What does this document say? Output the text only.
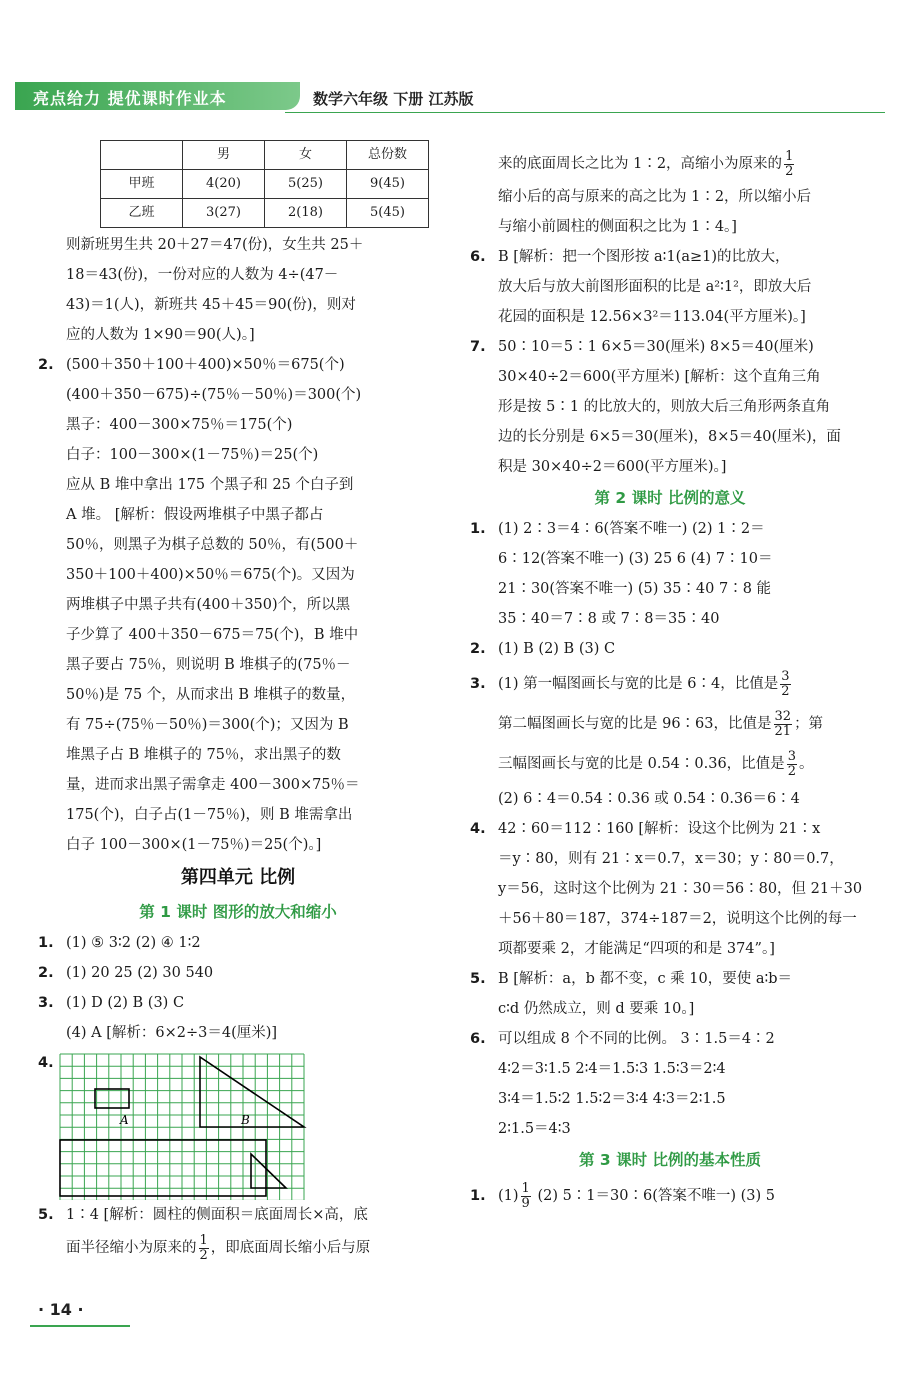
亮点给力 提优课时作业本	数学六年级 下册 江苏版
	男	女	总份数
甲班	4(20)	5(25)	9(45)
乙班	3(27)	2(18)	5(45)
则新班男生共 20＋27＝47(份)，女生共 25＋
18＝43(份)，一份对应的人数为 4÷(47－
43)＝1(人)，新班共 45＋45＝90(份)，则对
应的人数为 1×90＝90(人)。]
2. (500＋350＋100＋400)×50％＝675(个)
(400＋350－675)÷(75％－50％)＝300(个)
黑子：400－300×75％＝175(个)
白子：100－300×(1－75％)＝25(个)
应从 B 堆中拿出 175 个黑子和 25 个白子到
A 堆。 [解析：假设两堆棋子中黑子都占
50％，则黑子为棋子总数的 50％，有(500＋
350＋100＋400)×50％＝675(个)。又因为
两堆棋子中黑子共有(400＋350)个，所以黑
子少算了 400＋350－675＝75(个)，B 堆中
黑子要占 75％，则说明 B 堆棋子的(75％－
50％)是 75 个，从而求出 B 堆棋子的数量，
有 75÷(75％－50％)＝300(个)；又因为 B
堆黑子占 B 堆棋子的 75％，求出黑子的数
量，进而求出黑子需拿走 400－300×75％＝
175(个)，白子占(1－75％)，则 B 堆需拿出
白子 100－300×(1－75％)＝25(个)。]
第四单元 比例
第 1 课时 图形的放大和缩小
1. (1) ⑤ 3∶2 (2) ④ 1∶2
2. (1) 20 25 (2) 30 540
3. (1) D (2) B (3) C
(4) A [解析：6×2÷3＝4(厘米)]
4.
A	B
5. 1∶4 [解析：圆柱的侧面积＝底面周长×高，底
面半径缩小为原来的 $\frac{1}{2}$ ，即底面周长缩小后与原
来的底面周长之比为 1∶2，高缩小为原来的 $\frac{1}{2}$
缩小后的高与原来的高之比为 1∶2，所以缩小后
与缩小前圆柱的侧面积之比为 1∶4。]
6. B [解析：把一个图形按 a∶1(a≥1)的比放大，
放大后与放大前图形面积的比是 a²∶1²，即放大后
花园的面积是 12.56×3²＝113.04(平方厘米)。]
7. 50∶10＝5∶1 6×5＝30(厘米) 8×5＝40(厘米)
30×40÷2＝600(平方厘米) [解析：这个直角三角
形是按 5∶1 的比放大的，则放大后三角形两条直角
边的长分别是 6×5＝30(厘米)，8×5＝40(厘米)，面
积是 30×40÷2＝600(平方厘米)。]
第 2 课时 比例的意义
1. (1) 2∶3＝4∶6(答案不唯一) (2) 1∶2＝
6∶12(答案不唯一) (3) 25 6 (4) 7∶10＝
21∶30(答案不唯一) (5) 35∶40 7∶8 能
35∶40＝7∶8 或 7∶8＝35∶40
2. (1) B (2) B (3) C
3. (1) 第一幅图画长与宽的比是 6∶4，比值是 $\frac{3}{2}$
第二幅图画长与宽的比是 96∶63，比值是 $\frac{32}{21}$ ；第
三幅图画长与宽的比是 0.54∶0.36，比值是 $\frac{3}{2}$ 。
(2) 6∶4＝0.54∶0.36 或 0.54∶0.36＝6∶4
4. 42∶60＝112∶160 [解析：设这个比例为 21∶x
＝y∶80，则有 21∶x＝0.7，x＝30；y∶80＝0.7，
y＝56，这时这个比例为 21∶30＝56∶80，但 21＋30
＋56＋80＝187，374÷187＝2，说明这个比例的每一
项都要乘 2，才能满足“四项的和是 374”。]
5. B [解析：a，b 都不变，c 乘 10，要使 a∶b＝
c∶d 仍然成立，则 d 要乘 10。]
6. 可以组成 8 个不同的比例。 3∶1.5＝4∶2
4∶2＝3∶1.5 2∶4＝1.5∶3 1.5∶3＝2∶4
3∶4＝1.5∶2 1.5∶2＝3∶4 4∶3＝2∶1.5
2∶1.5＝4∶3
第 3 课时 比例的基本性质
1. $(1) \frac{1}{9} (2)$ 5∶1＝30∶6(答案不唯一) (3) 5
· 14 ·
